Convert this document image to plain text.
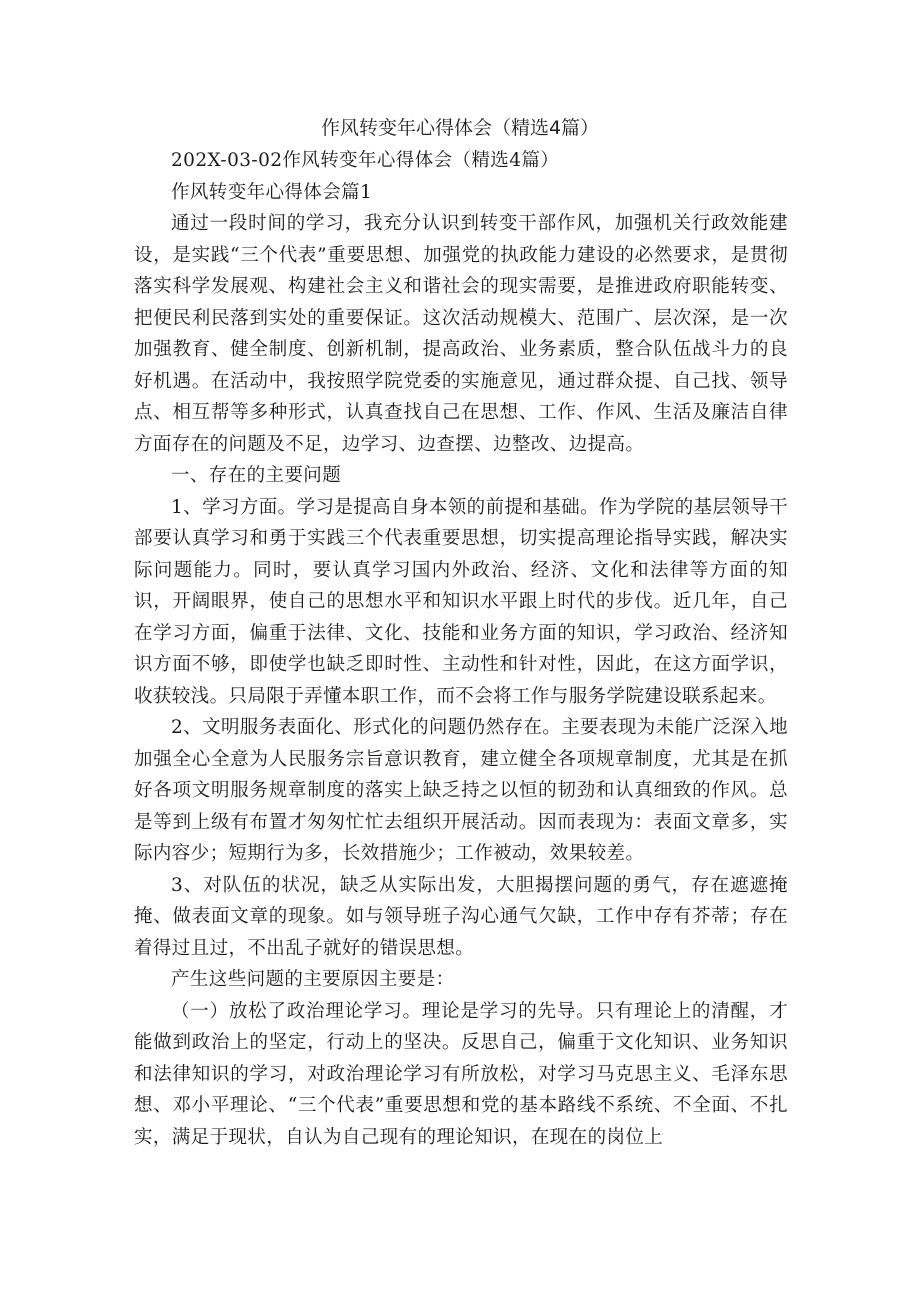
作风转变年心得体会（精选4篇）

202X-03-02作风转变年心得体会（精选4篇）

作风转变年心得体会篇1

通过一段时间的学习，我充分认识到转变干部作风，加强机关行政效能建设，是实践“三个代表”重要思想、加强党的执政能力建设的必然要求，是贯彻落实科学发展观、构建社会主义和谐社会的现实需要，是推进政府职能转变、把便民利民落到实处的重要保证。这次活动规模大、范围广、层次深，是一次加强教育、健全制度、创新机制，提高政治、业务素质，整合队伍战斗力的良好机遇。在活动中，我按照学院党委的实施意见，通过群众提、自己找、领导点、相互帮等多种形式，认真查找自己在思想、工作、作风、生活及廉洁自律方面存在的问题及不足，边学习、边查摆、边整改、边提高。

一、存在的主要问题

1、学习方面。学习是提高自身本领的前提和基础。作为学院的基层领导干部要认真学习和勇于实践三个代表重要思想，切实提高理论指导实践，解决实际问题能力。同时，要认真学习国内外政治、经济、文化和法律等方面的知识，开阔眼界，使自己的思想水平和知识水平跟上时代的步伐。近几年，自己在学习方面，偏重于法律、文化、技能和业务方面的知识，学习政治、经济知识方面不够，即使学也缺乏即时性、主动性和针对性，因此，在这方面学识，收获较浅。只局限于弄懂本职工作，而不会将工作与服务学院建设联系起来。

2、文明服务表面化、形式化的问题仍然存在。主要表现为未能广泛深入地加强全心全意为人民服务宗旨意识教育，建立健全各项规章制度，尤其是在抓好各项文明服务规章制度的落实上缺乏持之以恒的韧劲和认真细致的作风。总是等到上级有布置才匆匆忙忙去组织开展活动。因而表现为：表面文章多，实际内容少；短期行为多，长效措施少；工作被动，效果较差。

3、对队伍的状况，缺乏从实际出发，大胆揭摆问题的勇气，存在遮遮掩掩、做表面文章的现象。如与领导班子沟心通气欠缺，工作中存有芥蒂；存在着得过且过，不出乱子就好的错误思想。

产生这些问题的主要原因主要是：

（一）放松了政治理论学习。理论是学习的先导。只有理论上的清醒，才能做到政治上的坚定，行动上的坚决。反思自己，偏重于文化知识、业务知识和法律知识的学习，对政治理论学习有所放松，对学习马克思主义、毛泽东思想、邓小平理论、“三个代表”重要思想和党的基本路线不系统、不全面、不扎实，满足于现状，自认为自己现有的理论知识，在现在的岗位上
